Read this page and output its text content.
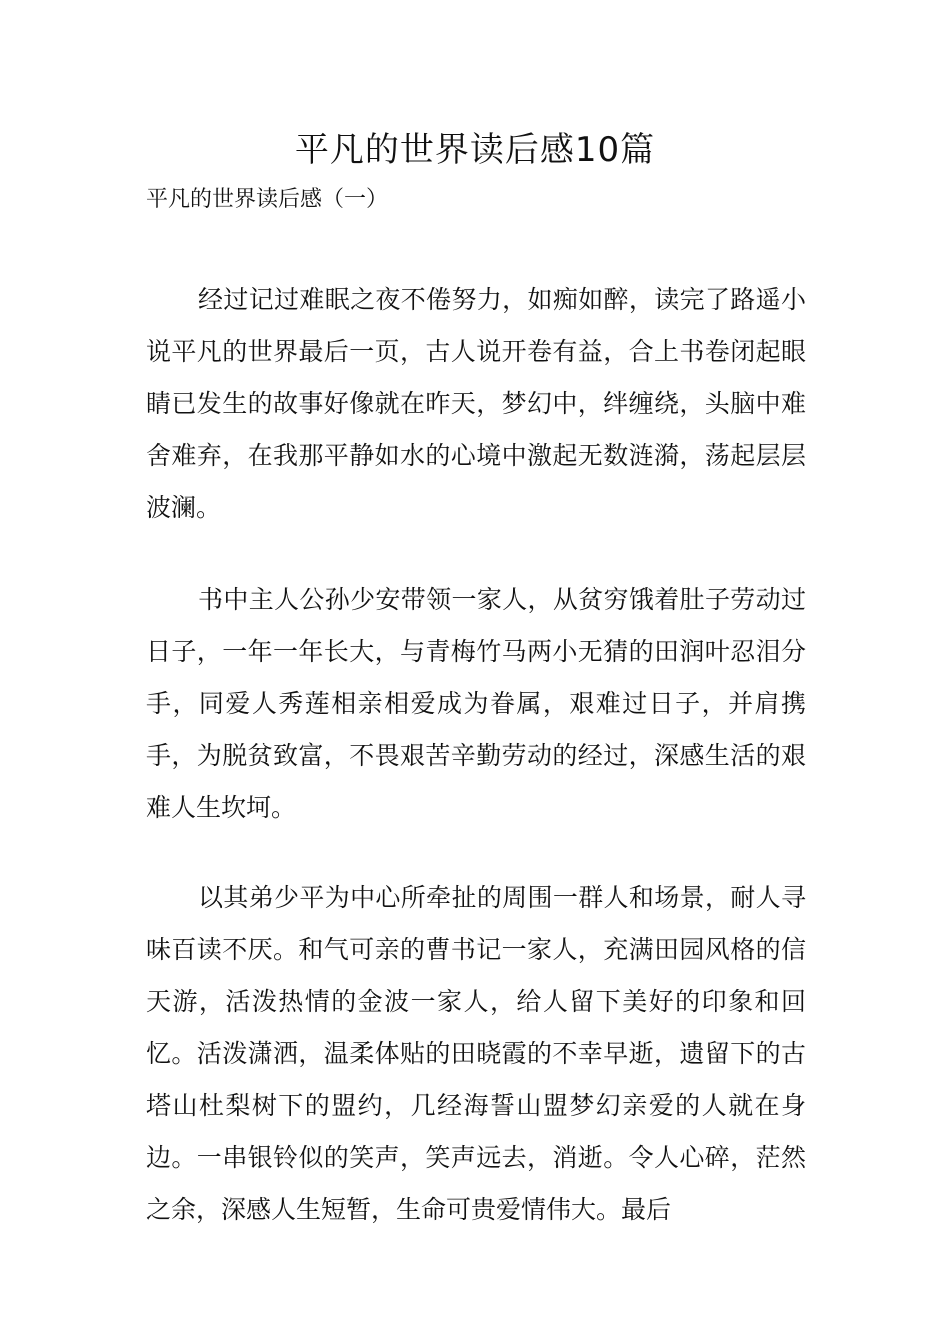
平凡的世界读后感10篇
平凡的世界读后感（一）

经过记过难眠之夜不倦努力，如痴如醉，读完了路遥小说平凡的世界最后一页，古人说开卷有益，合上书卷闭起眼睛已发生的故事好像就在昨天，梦幻中，绊缠绕，头脑中难舍难弃，在我那平静如水的心境中激起无数涟漪，荡起层层波澜。

书中主人公孙少安带领一家人，从贫穷饿着肚子劳动过日子，一年一年长大，与青梅竹马两小无猜的田润叶忍泪分手，同爱人秀莲相亲相爱成为眷属，艰难过日子，并肩携手，为脱贫致富，不畏艰苦辛勤劳动的经过，深感生活的艰难人生坎坷。

以其弟少平为中心所牵扯的周围一群人和场景，耐人寻味百读不厌。和气可亲的曹书记一家人，充满田园风格的信天游，活泼热情的金波一家人，给人留下美好的印象和回忆。活泼潇洒，温柔体贴的田晓霞的不幸早逝，遗留下的古塔山杜梨树下的盟约，几经海誓山盟梦幻亲爱的人就在身边。一串银铃似的笑声，笑声远去，消逝。令人心碎，茫然之余，深感人生短暂，生命可贵爱情伟大。最后
